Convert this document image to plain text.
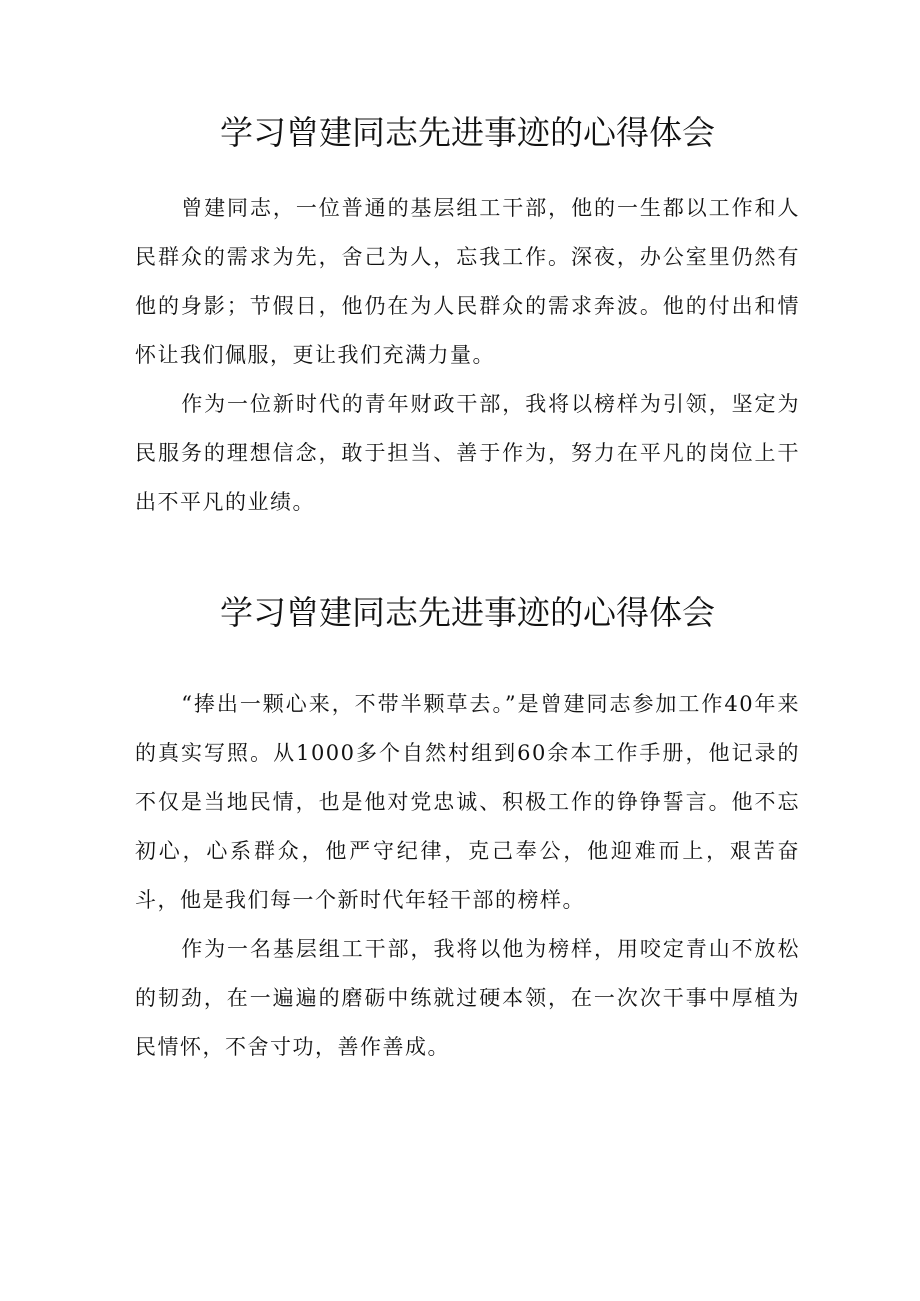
学习曾建同志先进事迹的心得体会

曾建同志，一位普通的基层组工干部，他的一生都以工作和人民群众的需求为先，舍己为人，忘我工作。深夜，办公室里仍然有他的身影；节假日，他仍在为人民群众的需求奔波。他的付出和情怀让我们佩服，更让我们充满力量。

作为一位新时代的青年财政干部，我将以榜样为引领，坚定为民服务的理想信念，敢于担当、善于作为，努力在平凡的岗位上干出不平凡的业绩。

学习曾建同志先进事迹的心得体会

“捧出一颗心来，不带半颗草去。”是曾建同志参加工作40年来的真实写照。从1000多个自然村组到60余本工作手册，他记录的不仅是当地民情，也是他对党忠诚、积极工作的铮铮誓言。他不忘初心，心系群众，他严守纪律，克己奉公，他迎难而上，艰苦奋斗，他是我们每一个新时代年轻干部的榜样。

作为一名基层组工干部，我将以他为榜样，用咬定青山不放松的韧劲，在一遍遍的磨砺中练就过硬本领，在一次次干事中厚植为民情怀，不舍寸功，善作善成。
